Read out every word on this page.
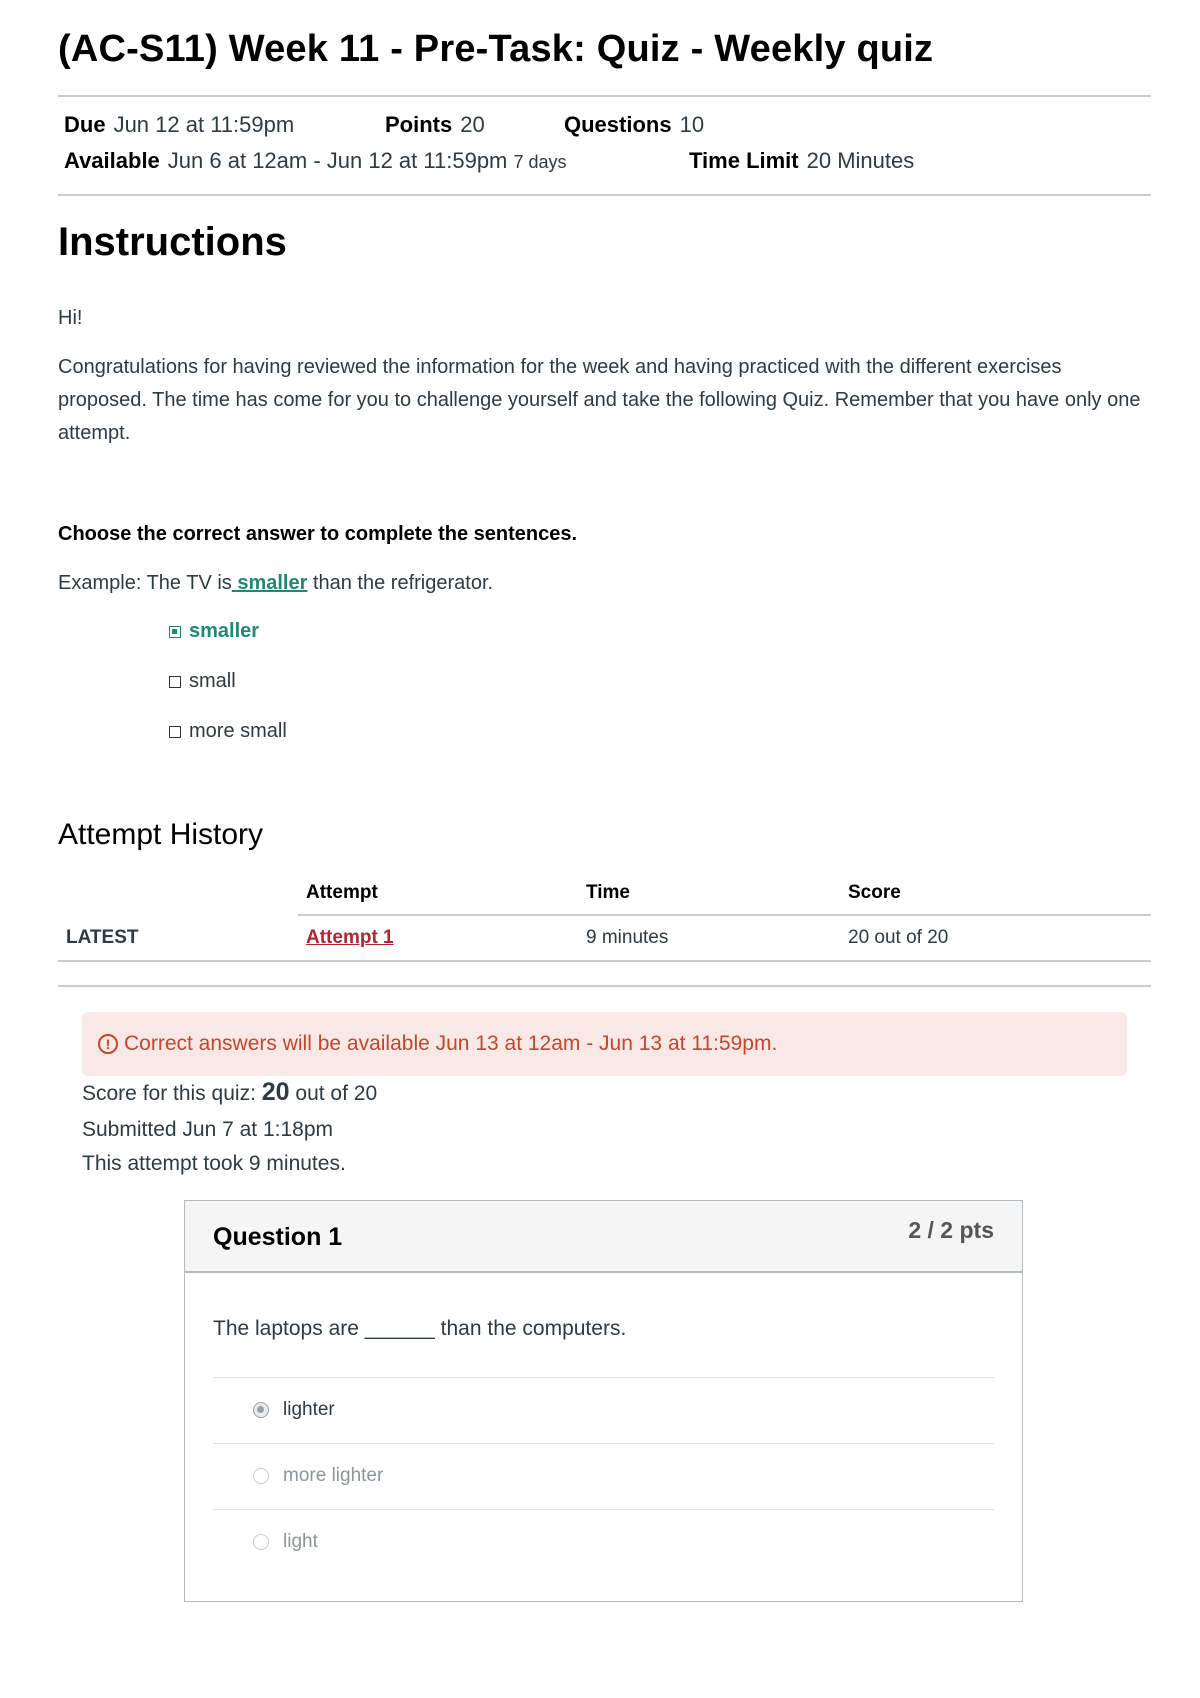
(AC-S11) Week 11 - Pre-Task: Quiz - Weekly quiz
Due Jun 12 at 11:59pm	Points 20	Questions 10
Available Jun 6 at 12am - Jun 12 at 11:59pm 7 days	Time Limit 20 Minutes
Instructions
Hi!
Congratulations for having reviewed the information for the week and having practiced with the different exercises proposed. The time has come for you to challenge yourself and take the following Quiz. Remember that you have only one attempt.
Choose the correct answer to complete the sentences.
Example: The TV is smaller than the refrigerator.
smaller
small
more small
Attempt History
	Attempt	Time	Score
LATEST	Attempt 1	9 minutes	20 out of 20
! Correct answers will be available Jun 13 at 12am - Jun 13 at 11:59pm.
Score for this quiz: 20 out of 20
Submitted Jun 7 at 1:18pm
This attempt took 9 minutes.
Question 1	2 / 2 pts
The laptops are ______ than the computers.
lighter
more lighter
light
